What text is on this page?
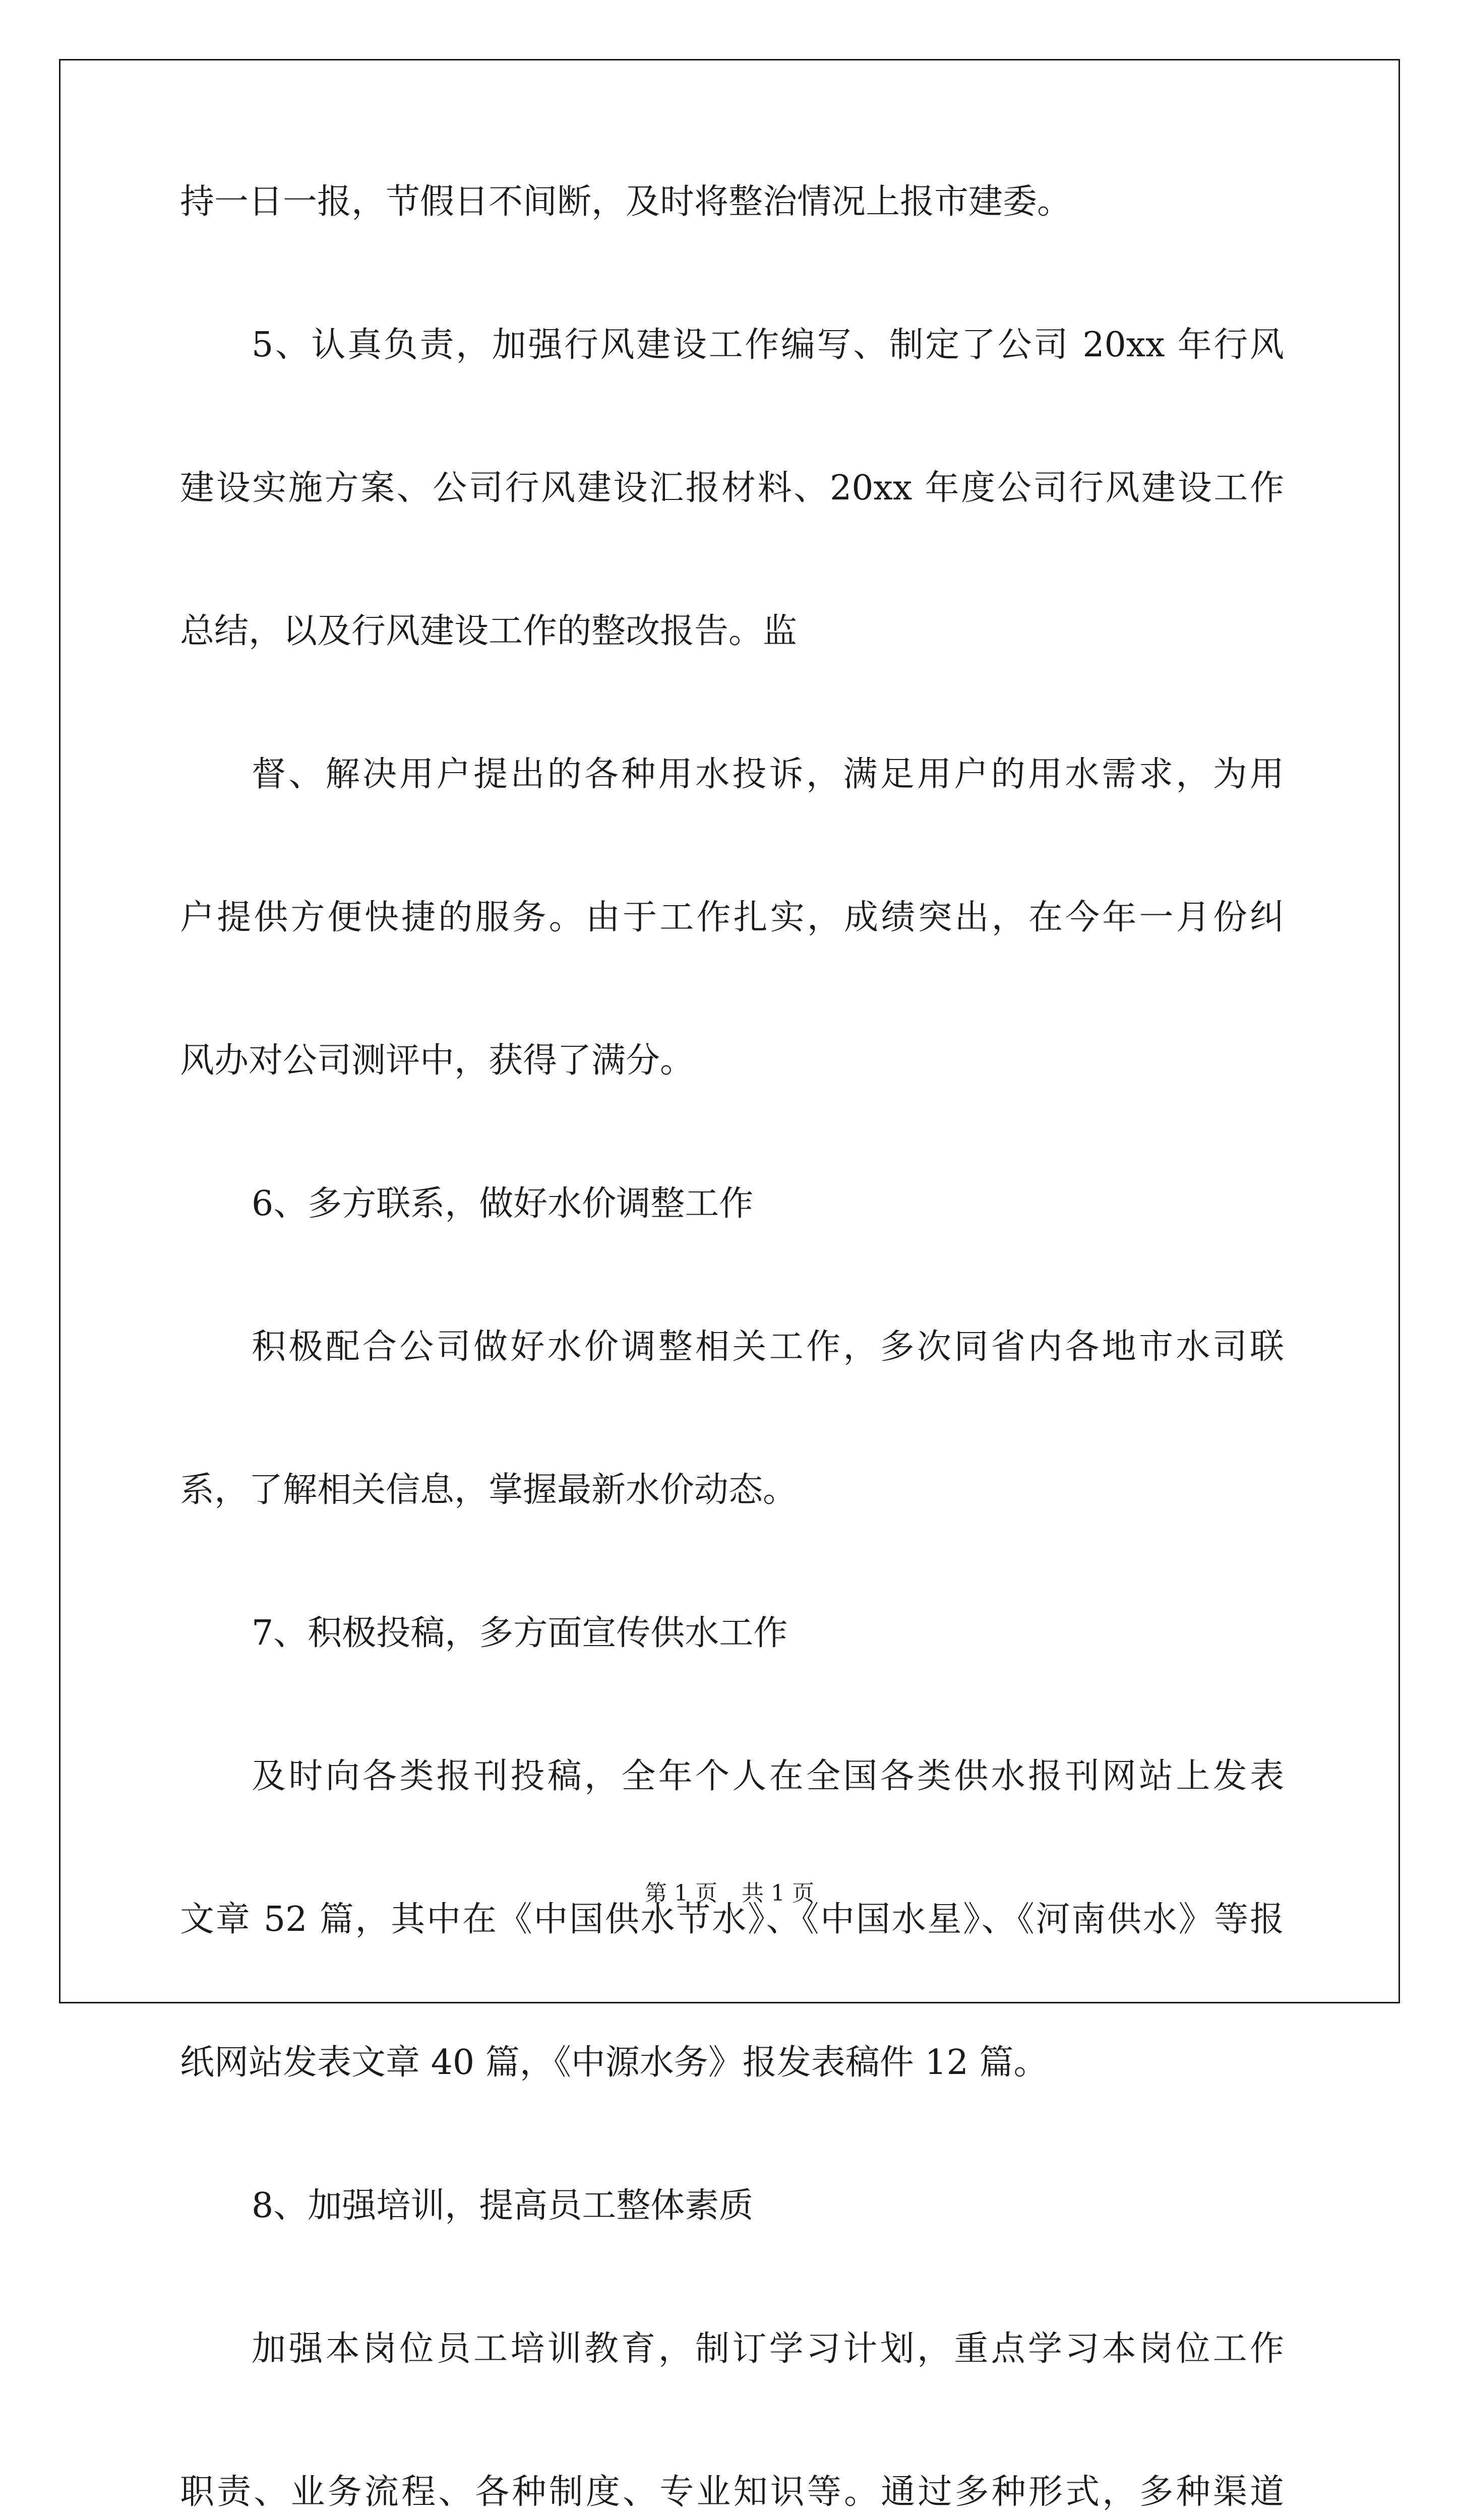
持一日一报，节假日不间断，及时将整治情况上报市建委。
5、认真负责，加强行风建设工作编写、制定了公司 20xx 年行风
建设实施方案、公司行风建设汇报材料、20xx 年度公司行风建设工作
总结，以及行风建设工作的整改报告。监
督、解决用户提出的各种用水投诉，满足用户的用水需求，为用
户提供方便快捷的服务。由于工作扎实，成绩突出，在今年一月份纠
风办对公司测评中，获得了满分。
6、多方联系，做好水价调整工作
积极配合公司做好水价调整相关工作，多次同省内各地市水司联
系，了解相关信息，掌握最新水价动态。
7、积极投稿，多方面宣传供水工作
及时向各类报刊投稿，全年个人在全国各类供水报刊网站上发表
文章 52 篇，其中在《中国供水节水》、《中国水星》、《河南供水》等报
纸网站发表文章 40 篇，《中源水务》报发表稿件 12 篇。
8、加强培训，提高员工整体素质
加强本岗位员工培训教育，制订学习计划，重点学习本岗位工作
职责、业务流程、各种制度、专业知识等。通过多种形式，多种渠道
第 1 页 共 1 页
